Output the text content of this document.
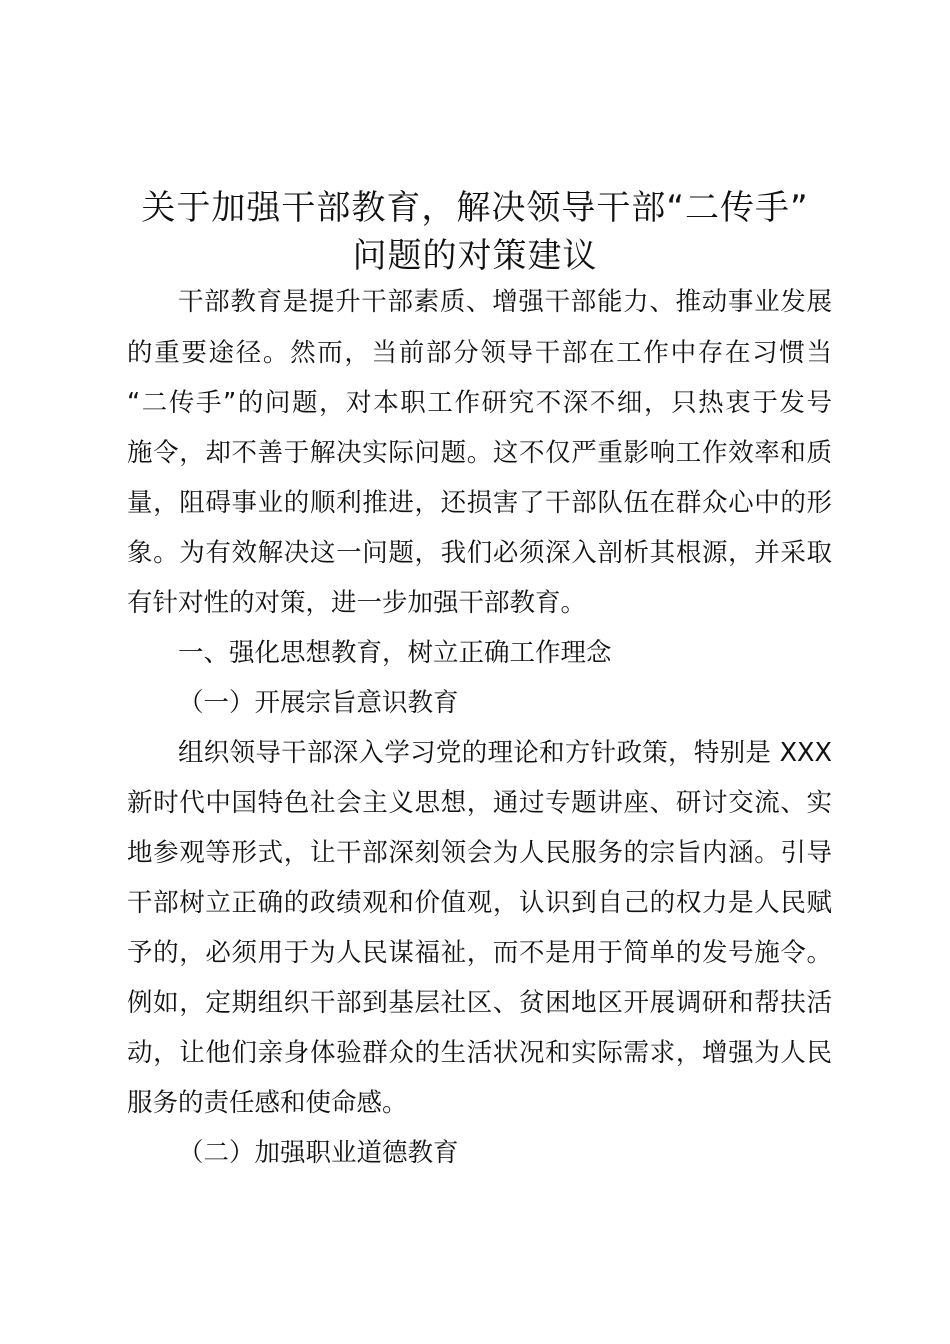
关于加强干部教育，解决领导干部“二传手”
问题的对策建议

干部教育是提升干部素质、增强干部能力、推动事业发展

的重要途径。然而，当前部分领导干部在工作中存在习惯当

“二传手”的问题，对本职工作研究不深不细，只热衷于发号

施令，却不善于解决实际问题。这不仅严重影响工作效率和质

量，阻碍事业的顺利推进，还损害了干部队伍在群众心中的形

象。为有效解决这一问题，我们必须深入剖析其根源，并采取

有针对性的对策，进一步加强干部教育。

一、强化思想教育，树立正确工作理念

（一）开展宗旨意识教育

组织领导干部深入学习党的理论和方针政策，特别是 XXX

新时代中国特色社会主义思想，通过专题讲座、研讨交流、实

地参观等形式，让干部深刻领会为人民服务的宗旨内涵。引导

干部树立正确的政绩观和价值观，认识到自己的权力是人民赋

予的，必须用于为人民谋福祉，而不是用于简单的发号施令。

例如，定期组织干部到基层社区、贫困地区开展调研和帮扶活

动，让他们亲身体验群众的生活状况和实际需求，增强为人民

服务的责任感和使命感。

（二）加强职业道德教育
